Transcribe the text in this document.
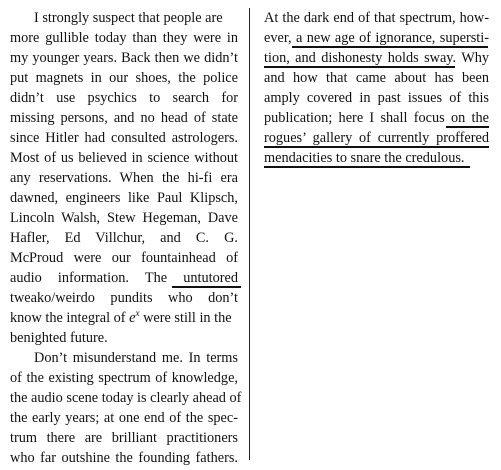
I strongly suspect that people are
more gullible today than they were in
my younger years. Back then we didn’t
put magnets in our shoes, the police
didn’t use psychics to search for
missing persons, and no head of state
since Hitler had consulted astrologers.
Most of us believed in science without
any reservations. When the hi-fi era
dawned, engineers like Paul Klipsch,
Lincoln Walsh, Stew Hegeman, Dave
Hafler, Ed Villchur, and C. G.
McProud were our fountainhead of
audio information. The untutored
tweako/weirdo pundits who don’t
know the integral of $e^x$ were still in the
benighted future.
Don’t misunderstand me. In terms
of the existing spectrum of knowledge,
the audio scene today is clearly ahead of
the early years; at one end of the spec-
trum there are brilliant practitioners
who far outshine the founding fathers.
At the dark end of that spectrum, how-
ever, a new age of ignorance, supersti-
tion, and dishonesty holds sway. Why
and how that came about has been
amply covered in past issues of this
publication; here I shall focus on the
rogues’ gallery of currently proffered
mendacities to snare the credulous.
